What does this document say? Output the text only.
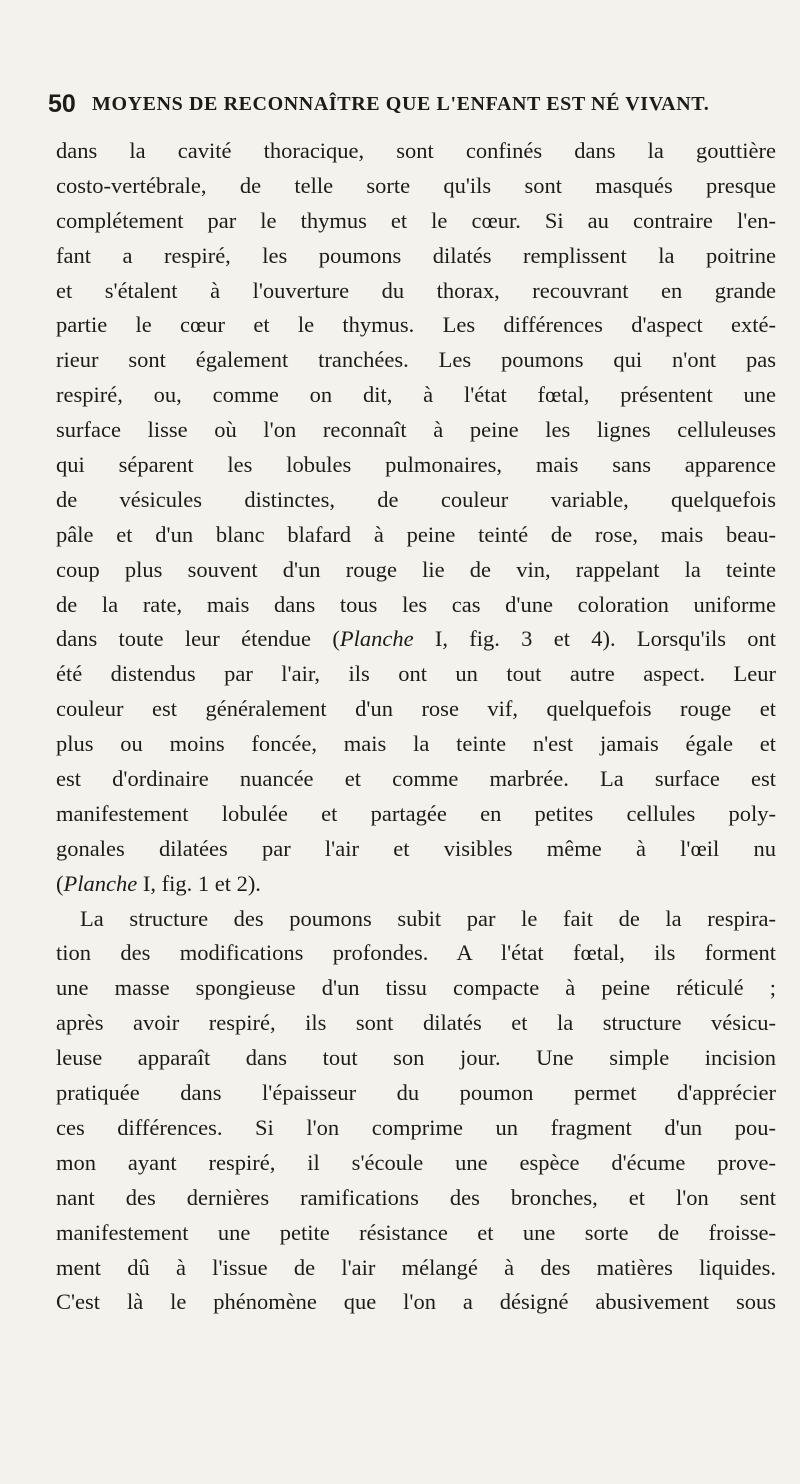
50 MOYENS DE RECONNAÎTRE QUE L'ENFANT EST NÉ VIVANT.
dans la cavité thoracique, sont confinés dans la gouttière
costo-vertébrale, de telle sorte qu'ils sont masqués presque
complétement par le thymus et le cœur. Si au contraire l'en-
fant a respiré, les poumons dilatés remplissent la poitrine
et s'étalent à l'ouverture du thorax, recouvrant en grande
partie le cœur et le thymus. Les différences d'aspect exté-
rieur sont également tranchées. Les poumons qui n'ont pas
respiré, ou, comme on dit, à l'état fœtal, présentent une
surface lisse où l'on reconnaît à peine les lignes celluleuses
qui séparent les lobules pulmonaires, mais sans apparence
de vésicules distinctes, de couleur variable, quelquefois
pâle et d'un blanc blafard à peine teinté de rose, mais beau-
coup plus souvent d'un rouge lie de vin, rappelant la teinte
de la rate, mais dans tous les cas d'une coloration uniforme
dans toute leur étendue (Planche I, fig. 3 et 4). Lorsqu'ils ont
été distendus par l'air, ils ont un tout autre aspect. Leur
couleur est généralement d'un rose vif, quelquefois rouge et
plus ou moins foncée, mais la teinte n'est jamais égale et
est d'ordinaire nuancée et comme marbrée. La surface est
manifestement lobulée et partagée en petites cellules poly-
gonales dilatées par l'air et visibles même à l'œil nu
(Planche I, fig. 1 et 2).
La structure des poumons subit par le fait de la respira-
tion des modifications profondes. A l'état fœtal, ils forment
une masse spongieuse d'un tissu compacte à peine réticulé ;
après avoir respiré, ils sont dilatés et la structure vésicu-
leuse apparaît dans tout son jour. Une simple incision
pratiquée dans l'épaisseur du poumon permet d'apprécier
ces différences. Si l'on comprime un fragment d'un pou-
mon ayant respiré, il s'écoule une espèce d'écume prove-
nant des dernières ramifications des bronches, et l'on sent
manifestement une petite résistance et une sorte de froisse-
ment dû à l'issue de l'air mélangé à des matières liquides.
C'est là le phénomène que l'on a désigné abusivement sous
